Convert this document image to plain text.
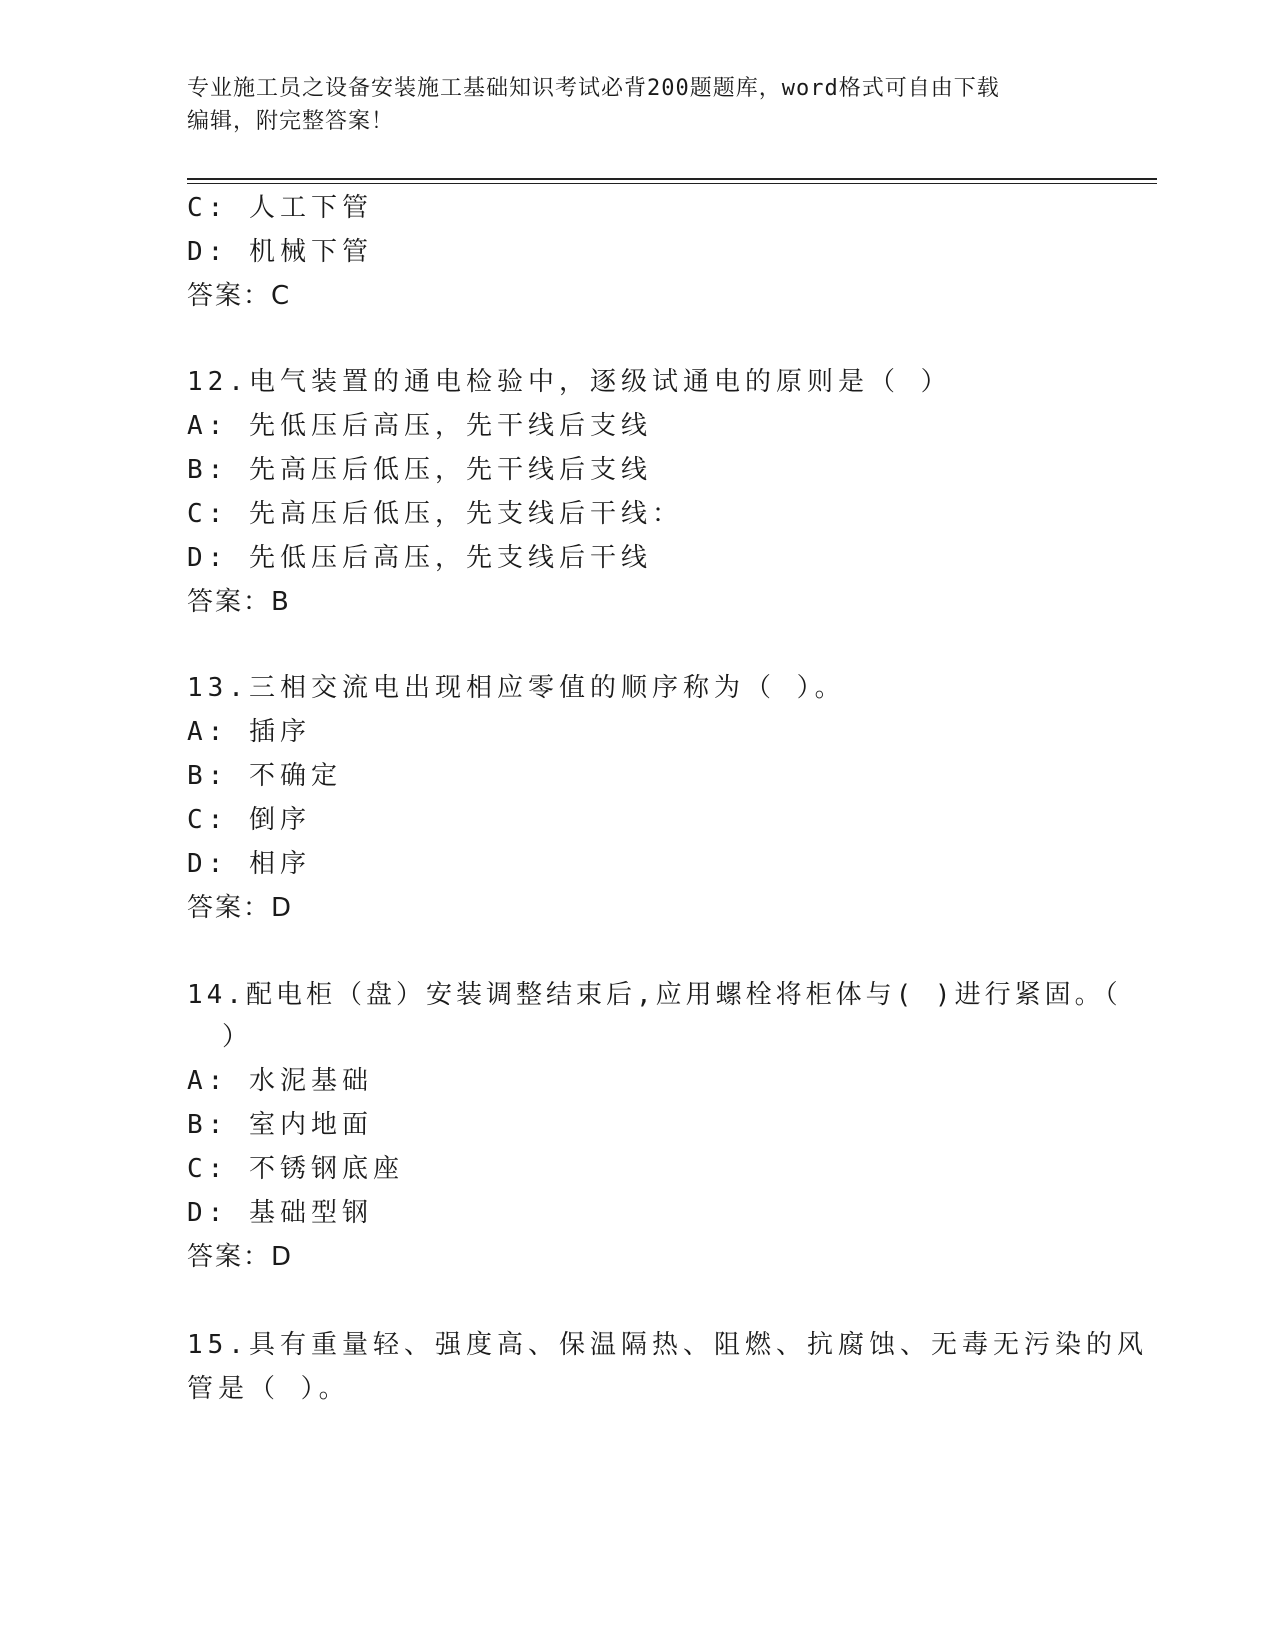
专业施工员之设备安装施工基础知识考试必背200题题库，word格式可自由下载
编辑，附完整答案！
C: 人工下管
D: 机械下管
答案：C
12.电气装置的通电检验中，逐级试通电的原则是（ ）
A: 先低压后高压，先干线后支线
B: 先高压后低压，先干线后支线
C: 先高压后低压，先支线后干线：
D: 先低压后高压，先支线后干线
答案：B
13.三相交流电出现相应零值的顺序称为（ ）。
A: 插序
B: 不确定
C: 倒序
D: 相序
答案：D
14.配电柜（盘）安装调整结束后,应用螺栓将柜体与( )进行紧固。（
）
A: 水泥基础
B: 室内地面
C: 不锈钢底座
D: 基础型钢
答案：D
15.具有重量轻、强度高、保温隔热、阻燃、抗腐蚀、无毒无污染的风
管是（ ）。
